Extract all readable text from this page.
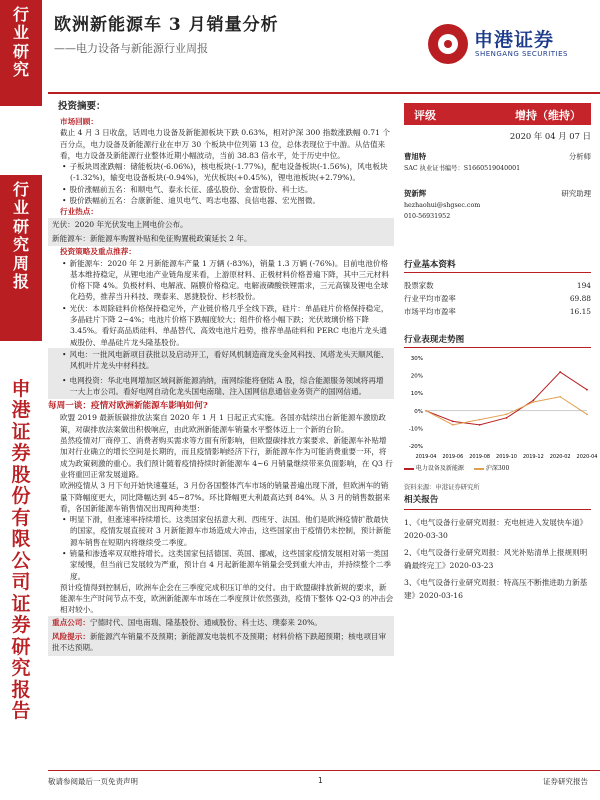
行
业
研
究
行
业
研
究
周
报
申
港
证
券
股
份
有
限
公
司
证
券
研
究
报
告
欧洲新能源车 3 月销量分析
——电力设备与新能源行业周报	申港证券
SHENGANG SECURITIES
投资摘要：

市场回顾：

截止 4 月 3 日收盘，话周电力设备及新能源板块下跌 0.63%，相对沪深 300 指数涨跌幅 0.71 个百分点，电力设备及新能源行业在申万 30 个板块中位列第 13 位，总体表现位于中游。从估值来看，电力设备及新能源行业整体近期小幅波动，当前 38.83 倍水平，处于历史中位。

• 子板块周涨跌幅：储能板块(-6.06%)，核电板块(-1.77%)，配电设备板块(-1.56%)，风电板块(-1.32%)，输变电设备板块(-0.94%)，光伏板块(+0.45%)，锂电池板块(+2.79%)。

• 股价涨幅前五名：和顺电气、泰永长征、盛弘股份、金雷股份、科士达。

• 股价跌幅前五名：合康新能、迪贝电气、鸣志电器、良信电器、宏光图微。

行业热点：

光伏：2020 年光伏发电上网电价公布。

新能源车：新能源车购置补贴和免征购置税政策延长 2 年。

投资策略及重点推荐：

• 新能源车：2020 年 2 月新能源车产量 1 万辆 (-83%)，销量 1.3 万辆 (-76%)。目前电池价格基本维持稳定，从锂电池产业链角度来看，上游原材料、正极材料价格普遍下降，其中三元材料价格下降 4%。负极材料、电解液、隔膜价格稳定。电解液磷酸铁锂需求，三元高镍及锂电全球化趋势，推荐当升科技、璞泰来、恩捷股份、杉杉股份。

• 光伏：本周除硅料价格保持稳定外，产业链价格几乎全线下跌，硅片：单晶硅片价格保持稳定，多晶硅片下降 2~4%；电池片价格下跌幅度较大；组件价格小幅下跌；光伏玻璃价格下降 3.45%。看好高品质硅料、单晶替代、高效电池片趋势，推荐单晶硅料和 PERC 电池片龙头通威股份、单晶硅片龙头隆基股份。

• 风电：一批风电新项目获批以及启动开工，看好风机制造商龙头金风科技、风塔龙头天顺风能、风机叶片龙头中材科技。

• 电网投资：华北电网增加区域间新能源消纳，南网综能将登陆 A 股，综合能源服务领域将再增一大上市公司。看好电网自动化龙头国电南瑞、注入国网信息通信业务资产的国网信通。

每周一谈：疫情对欧洲新能源车影响如何?

欧盟 2019 最新版碳排放法案自 2020 年 1 月 1 日起正式实施。各国亦陆续出台新能源车激励政策，对碳排放法案做出积极响应，由此欧洲新能源车销量水平整体迈上一个新的台阶。

虽然疫情对厂商停工、消费者购买需求等方面有所影响，但欧盟碳排放方案要求、新能源车补贴增加对行业确立的增长空间是长期的，而且疫情影响经济下行，新能源车作为可能消费重要一环，将成为政策刺激的重心。我们预计随着疫情持续时新能源车 4~6 月销量继续带来负面影响，在 Q3 行业将重回正常发展道路。

欧洲疫情从 3 月下旬开始快速蔓延，3 月份各国整体汽车市场的销量普遍出现下滑，但欧洲车的销量下降幅度更大，同比降幅达到 45~87%。环比降幅更大利最高达到 84%。从 3 月的销售数据来看，各国新能源车销售情况出现两种类型：

• 明显下滑，但涨速率持续增长。这类国家包括意大利、西班牙、法国。他们是欧洲疫情扩散最快的国家，疫情发展直接对 3 月新能源车市场造成大冲击，这些国家由于疫情仍未控制，预计新能源车销售在短期内将继续受二季度。

• 销量和渗透率双双维持增长。这类国家包括德国、英国、挪威，这些国家疫情发展相对第一类国家缓慢，但当前已发展较为严重，预计自 4 月起新能源车销量会受到重大冲击，并持续整个二季度。

预计疫情得到控制后，欧洲车企会在三季度完成积压订单的交付。由于欧盟碳排放新规的要求，新能源车生产时间节点不变，欧洲新能源车市场在二季度预计依然强劲，疫情下整体 Q2-Q3 的冲击会相对较小。

重点公司：宁德时代、国电南瑞、隆基股份、通威股份、科士达、璞泰来 20%。

风险提示：新能源汽车销量不及预期；新能源发电装机不及预期；材料价格下跌超预期；核电项目审批不达预期。

评级	增持（维持）
2020 年 04 月 07 日
曹旭特	分析师
SAC 执业证书编号：S1660519040001
贺新辉	研究助理
hezhaohui@shgsec.com
010-56931952
行业基本资料
股票家数	194
行业平均市盈率	69.88
市场平均市盈率	16.15
行业表现走势图
30%
20%
10%
0%
-10%
-20%
2019-04 2019-06 2019-08 2019-10 2019-12 2020-02 2020-04
电力设备及新能源	沪深300
资料来源：申港证券研究所
相关报告
1、《电气设备行业研究周报：充电桩进入发展快车道》2020-03-30
2、《电气设备行业研究周报：风光补贴清单上报规则明确最终完工》2020-03-23
3、《电气设备行业研究周报：特高压不断推进助力新基建》2020-03-16
敬请参阅最后一页免责声明	1	证券研究报告
